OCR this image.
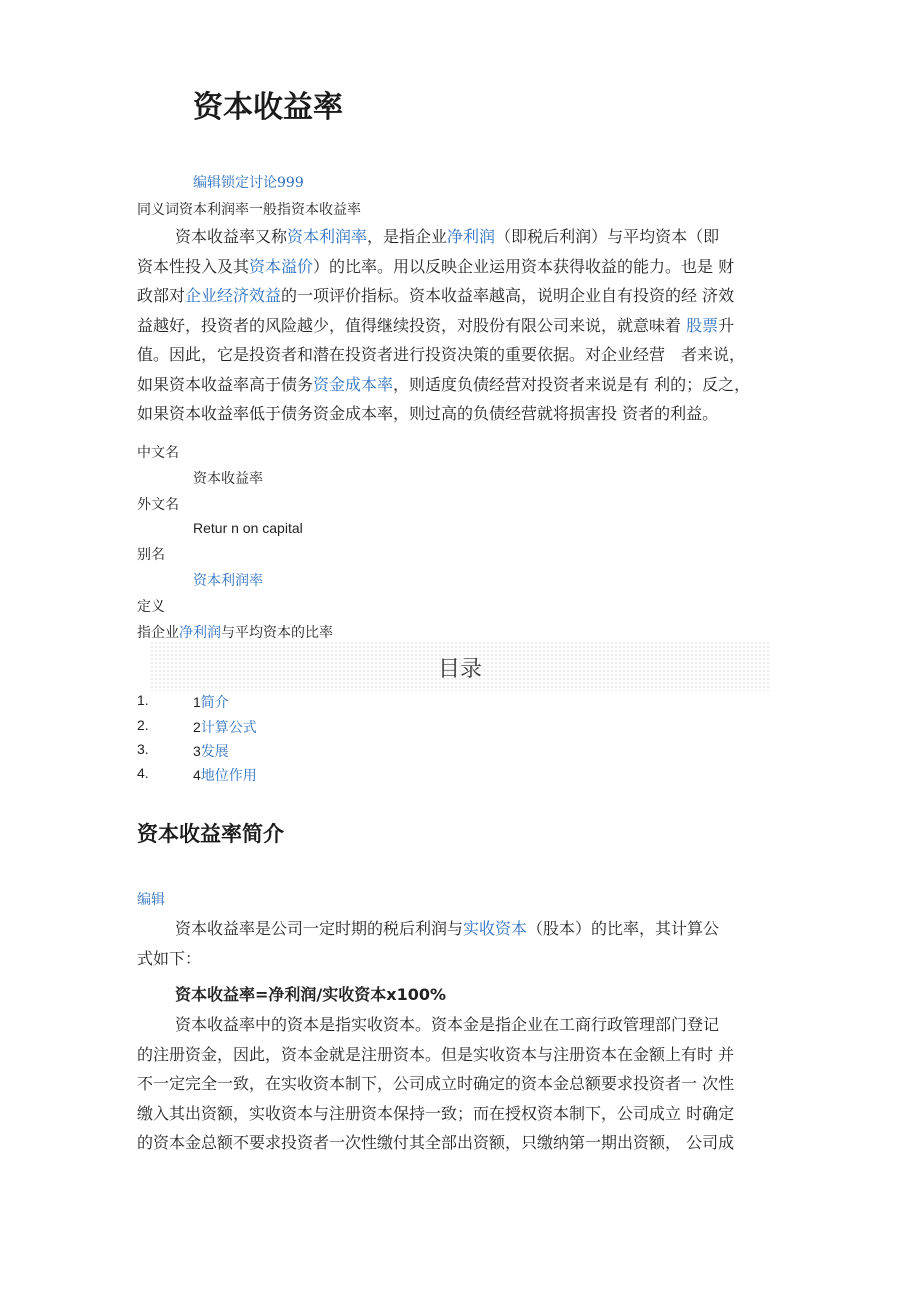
资本收益率
编辑锁定讨论999
同义词资本利润率一般指资本收益率

资本收益率又称资本利润率，是指企业净利润（即税后利润）与平均资本（即

资本性投入及其资本溢价）的比率。用以反映企业运用资本获得收益的能力。也是 财

政部对企业经济效益的一项评价指标。资本收益率越高，说明企业自有投资的经 济效

益越好，投资者的风险越少，值得继续投资，对股份有限公司来说，就意味着 股票升

值。因此，它是投资者和潜在投资者进行投资决策的重要依据。对企业经营　者来说，

如果资本收益率高于债务资金成本率，则适度负债经营对投资者来说是有 利的；反之，

如果资本收益率低于债务资金成本率，则过高的负债经营就将损害投 资者的利益。

中文名
资本收益率
外文名
Retur n on capital
别名
资本利润率
定义
指企业净利润与平均资本的比率
目录
1.	1简介
2.	2计算公式
3.	3发展
4.	4地位作用
资本收益率简介
编辑

资本收益率是公司一定时期的税后利润与实收资本（股本）的比率，其计算公

式如下：

资本收益率=净利润/实收资本x100%

资本收益率中的资本是指实收资本。资本金是指企业在工商行政管理部门登记

的注册资金，因此，资本金就是注册资本。但是实收资本与注册资本在金额上有时 并

不一定完全一致，在实收资本制下，公司成立时确定的资本金总额要求投资者一 次性

缴入其出资额，实收资本与注册资本保持一致；而在授权资本制下，公司成立 时确定

的资本金总额不要求投资者一次性缴付其全部出资额，只缴纳第一期出资额， 公司成
